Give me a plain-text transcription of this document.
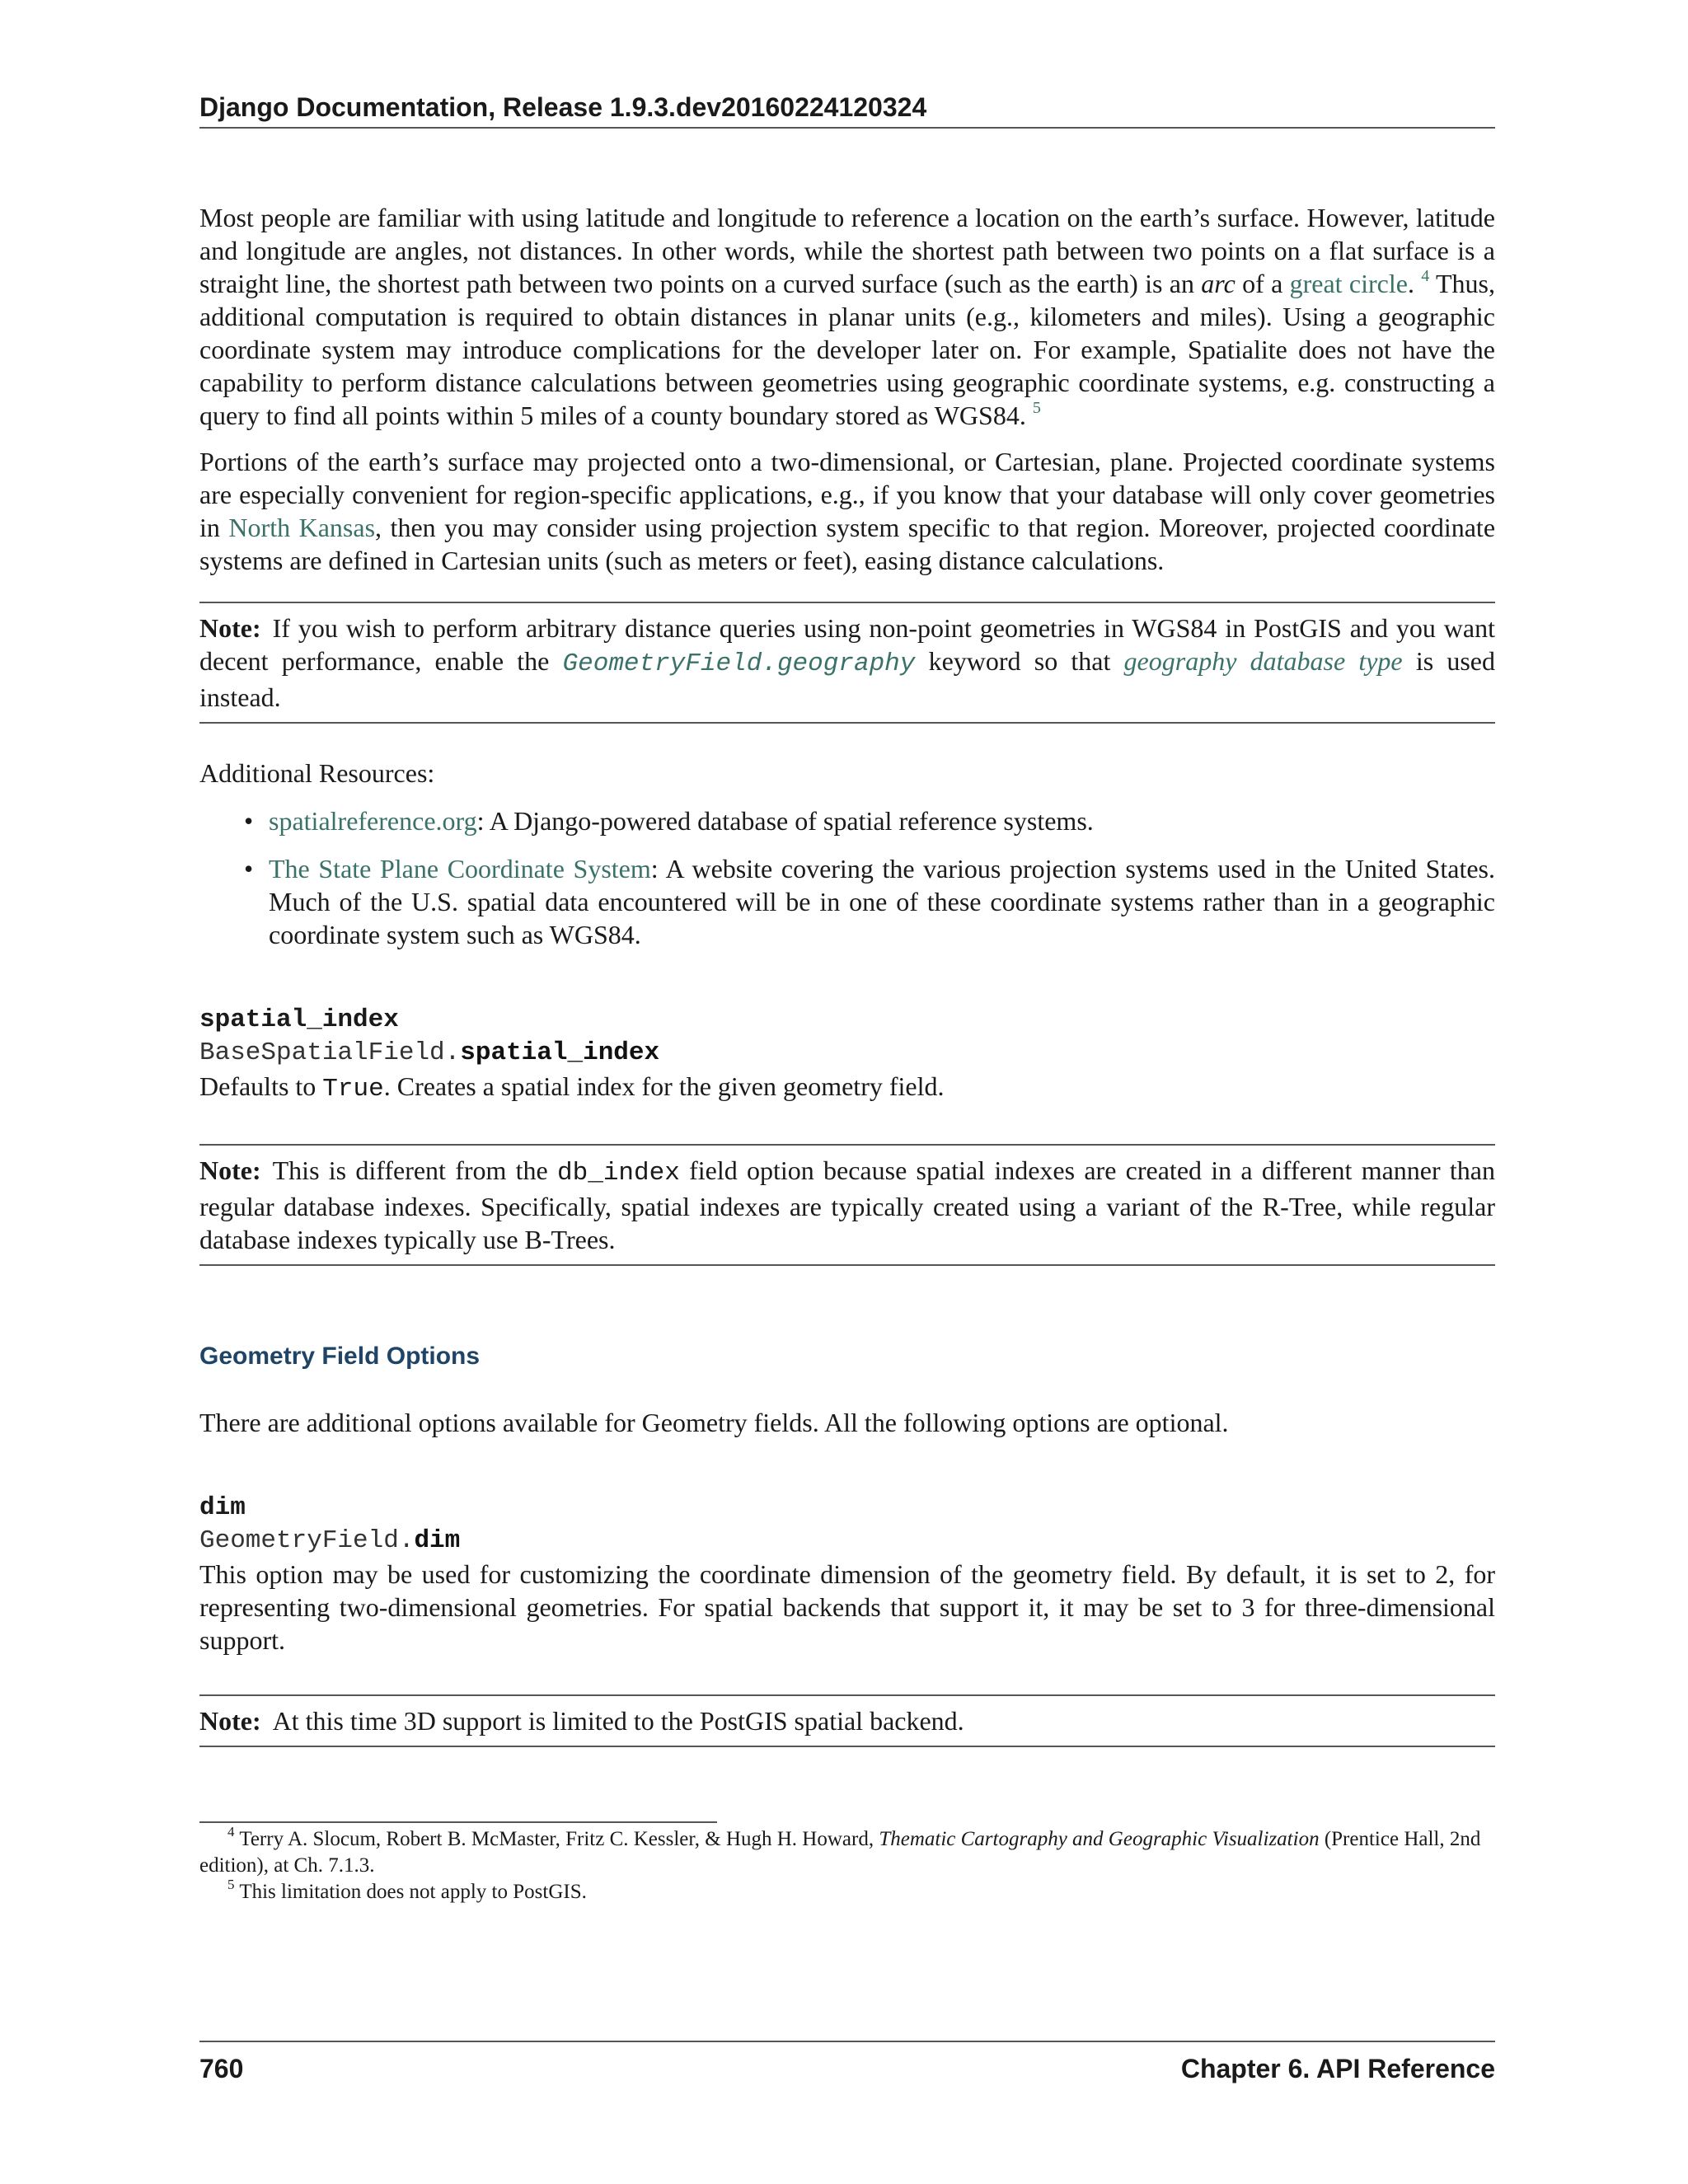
Django Documentation, Release 1.9.3.dev20160224120324

Most people are familiar with using latitude and longitude to reference a location on the earth’s surface. However, latitude and longitude are angles, not distances. In other words, while the shortest path between two points on a flat surface is a straight line, the shortest path between two points on a curved surface (such as the earth) is an arc of a great circle. $^4$ Thus, additional computation is required to obtain distances in planar units (e.g., kilometers and miles). Using a geographic coordinate system may introduce complications for the developer later on. For example, Spatialite does not have the capability to perform distance calculations between geometries using geographic coordinate systems, e.g. constructing a query to find all points within 5 miles of a county boundary stored as WGS84. $^5$

Portions of the earth’s surface may projected onto a two-dimensional, or Cartesian, plane. Projected coordinate systems are especially convenient for region-specific applications, e.g., if you know that your database will only cover geometries in North Kansas, then you may consider using projection system specific to that region. Moreover, projected coordinate systems are defined in Cartesian units (such as meters or feet), easing distance calculations.

Note: If you wish to perform arbitrary distance queries using non-point geometries in WGS84 in PostGIS and you want decent performance, enable the GeometryField.geography keyword so that geography database type is used instead.

Additional Resources:

• spatialreference.org: A Django-powered database of spatial reference systems.
• The State Plane Coordinate System: A website covering the various projection systems used in the United States. Much of the U.S. spatial data encountered will be in one of these coordinate systems rather than in a geographic coordinate system such as WGS84.
spatial_index
BaseSpatialField.spatial_index

Defaults to True. Creates a spatial index for the given geometry field.

Note: This is different from the db_index field option because spatial indexes are created in a different manner than regular database indexes. Specifically, spatial indexes are typically created using a variant of the R-Tree, while regular database indexes typically use B-Trees.

Geometry Field Options

There are additional options available for Geometry fields. All the following options are optional.

dim
GeometryField.dim

This option may be used for customizing the coordinate dimension of the geometry field. By default, it is set to 2, for representing two-dimensional geometries. For spatial backends that support it, it may be set to 3 for three-dimensional support.

Note: At this time 3D support is limited to the PostGIS spatial backend.

$^4$ Terry A. Slocum, Robert B. McMaster, Fritz C. Kessler, & Hugh H. Howard, Thematic Cartography and Geographic Visualization (Prentice Hall, 2nd edition), at Ch. 7.1.3.
$^5$ This limitation does not apply to PostGIS.
760	Chapter 6. API Reference
